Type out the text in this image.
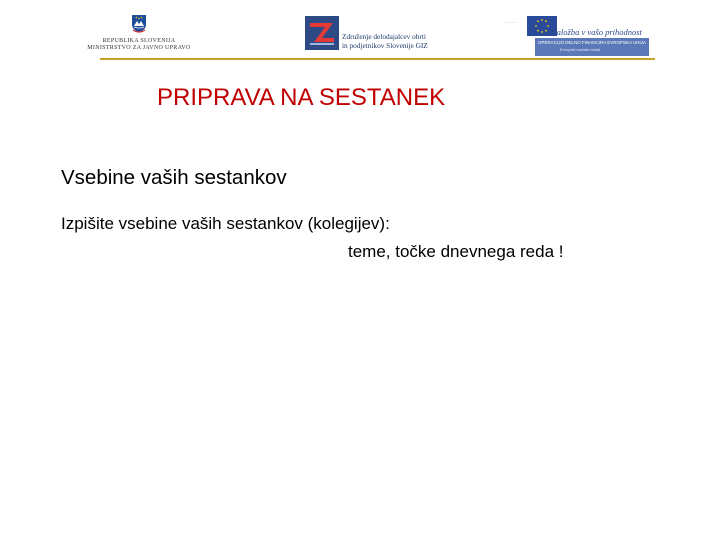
REPUBLIKA SLOVENIJA
MINISTRSTVO ZA JAVNO UPRAVO
Združenje delodajalcev obrti
in podjetnikov Slovenije GIZ
· · · ·
Naložba v vašo prihodnost
OPERACIJO DELNO FINANCIRA EVROPSKA UNIJA
Evropski socialni sklad
PRIPRAVA NA SESTANEK
Vsebine vaših sestankov
Izpišite vsebine vaših sestankov (kolegijev):
teme, točke dnevnega reda !
